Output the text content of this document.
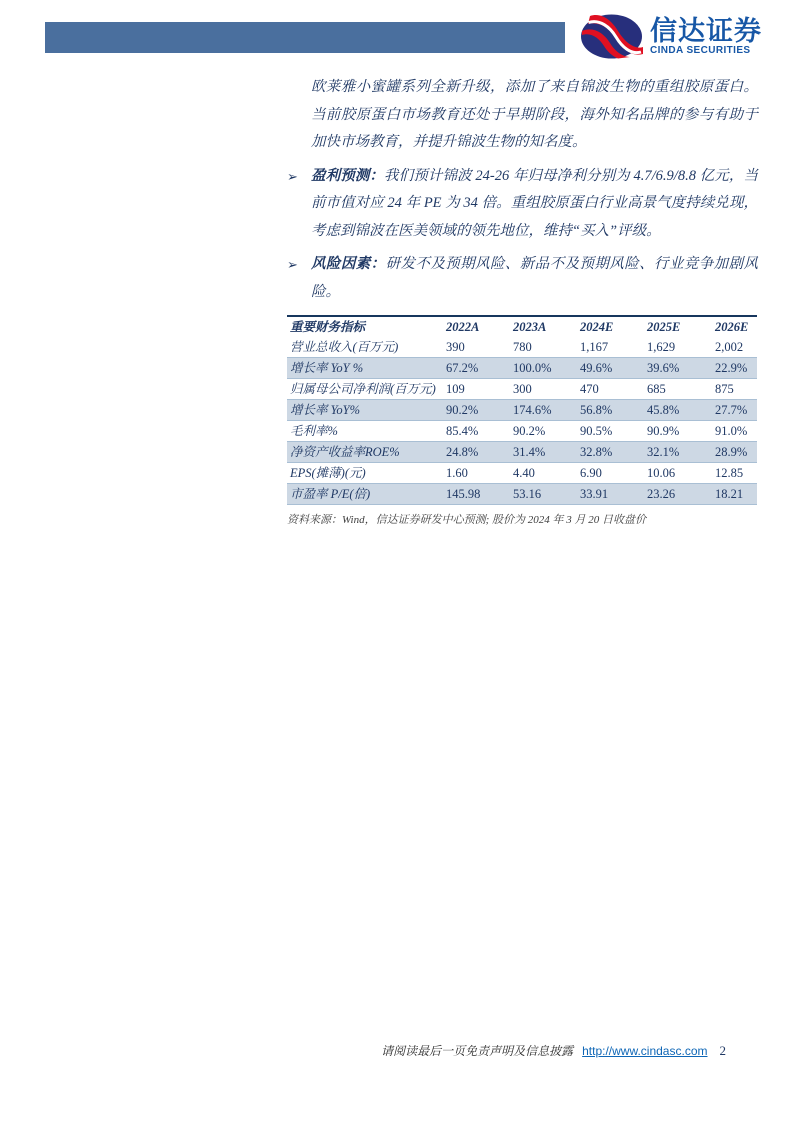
信达证券
CINDA SECURITIES
欧莱雅小蜜罐系列全新升级，添加了来自锦波生物的重组胶原蛋白。当前胶原蛋白市场教育还处于早期阶段，海外知名品牌的参与有助于加快市场教育，并提升锦波生物的知名度。
➢ 盈利预测：我们预计锦波 24-26 年归母净利分别为 4.7/6.9/8.8 亿元，当前市值对应 24 年 PE 为 34 倍。重组胶原蛋白行业高景气度持续兑现，考虑到锦波在医美领域的领先地位，维持“买入”评级。
➢ 风险因素：研发不及预期风险、新品不及预期风险、行业竞争加剧风险。
重要财务指标	2022A	2023A	2024E	2025E	2026E
营业总收入(百万元)	390	780	1,167	1,629	2,002
增长率 YoY %	67.2%	100.0%	49.6%	39.6%	22.9%
归属母公司净利润(百万元)	109	300	470	685	875
增长率 YoY%	90.2%	174.6%	56.8%	45.8%	27.7%
毛利率%	85.4%	90.2%	90.5%	90.9%	91.0%
净资产收益率ROE%	24.8%	31.4%	32.8%	32.1%	28.9%
EPS(摊薄)(元)	1.60	4.40	6.90	10.06	12.85
市盈率 P/E(倍)	145.98	53.16	33.91	23.26	18.21
资料来源：Wind，信达证券研发中心预测; 股价为 2024 年 3 月 20 日收盘价
请阅读最后一页免责声明及信息披露 http://www.cindasc.com 2
